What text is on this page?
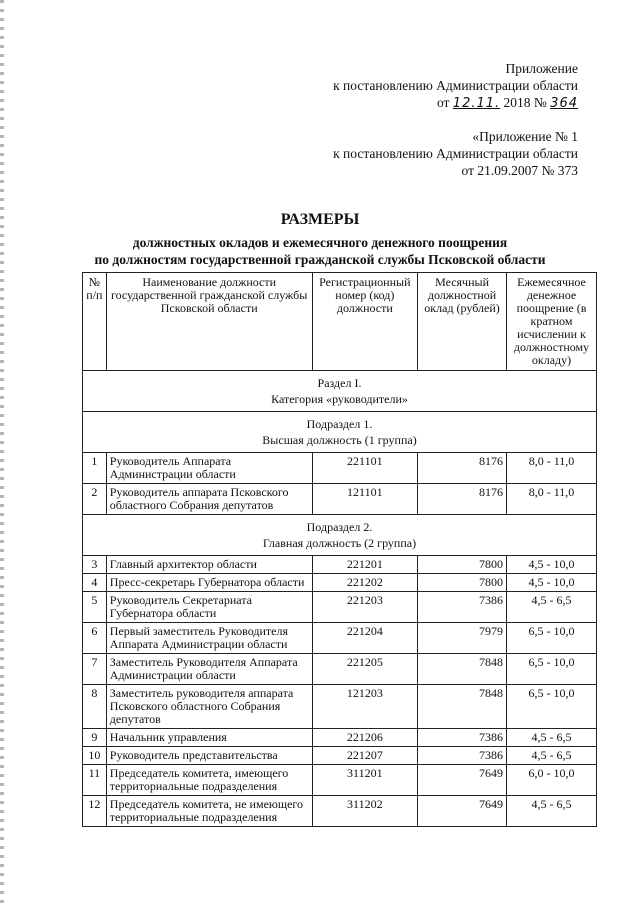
Приложение
к постановлению Администрации области
от 12.11. 2018 № 364
«Приложение № 1
к постановлению Администрации области
от 21.09.2007 № 373
РАЗМЕРЫ
должностных окладов и ежемесячного денежного поощрения
по должностям государственной гражданской службы Псковской области
№ п/п	Наименование должности государственной гражданской службы Псковской области	Регистрационный номер (код) должности	Месячный должностной оклад (рублей)	Ежемесячное денежное поощрение (в кратном исчислении к должностному окладу)

Раздел I.
Категория «руководители»				

Подраздел 1.
Высшая должность (1 группа)				

1	Руководитель Аппарата Администрации области	221101	8176	8,0 - 11,0
2	Руководитель аппарата Псковского областного Собрания депутатов	121101	8176	8,0 - 11,0

Подраздел 2.
Главная должность (2 группа)				

3	Главный архитектор области	221201	7800	4,5 - 10,0
4	Пресс-секретарь Губернатора области	221202	7800	4,5 - 10,0
5	Руководитель Секретариата Губернатора области	221203	7386	4,5 - 6,5
6	Первый заместитель Руководителя Аппарата Администрации области	221204	7979	6,5 - 10,0
7	Заместитель Руководителя Аппарата Администрации области	221205	7848	6,5 - 10,0
8	Заместитель руководителя аппарата Псковского областного Собрания депутатов	121203	7848	6,5 - 10,0
9	Начальник управления	221206	7386	4,5 - 6,5
10	Руководитель представительства	221207	7386	4,5 - 6,5
11	Председатель комитета, имеющего территориальные подразделения	311201	7649	6,0 - 10,0
12	Председатель комитета, не имеющего территориальные подразделения	311202	7649	4,5 - 6,5
